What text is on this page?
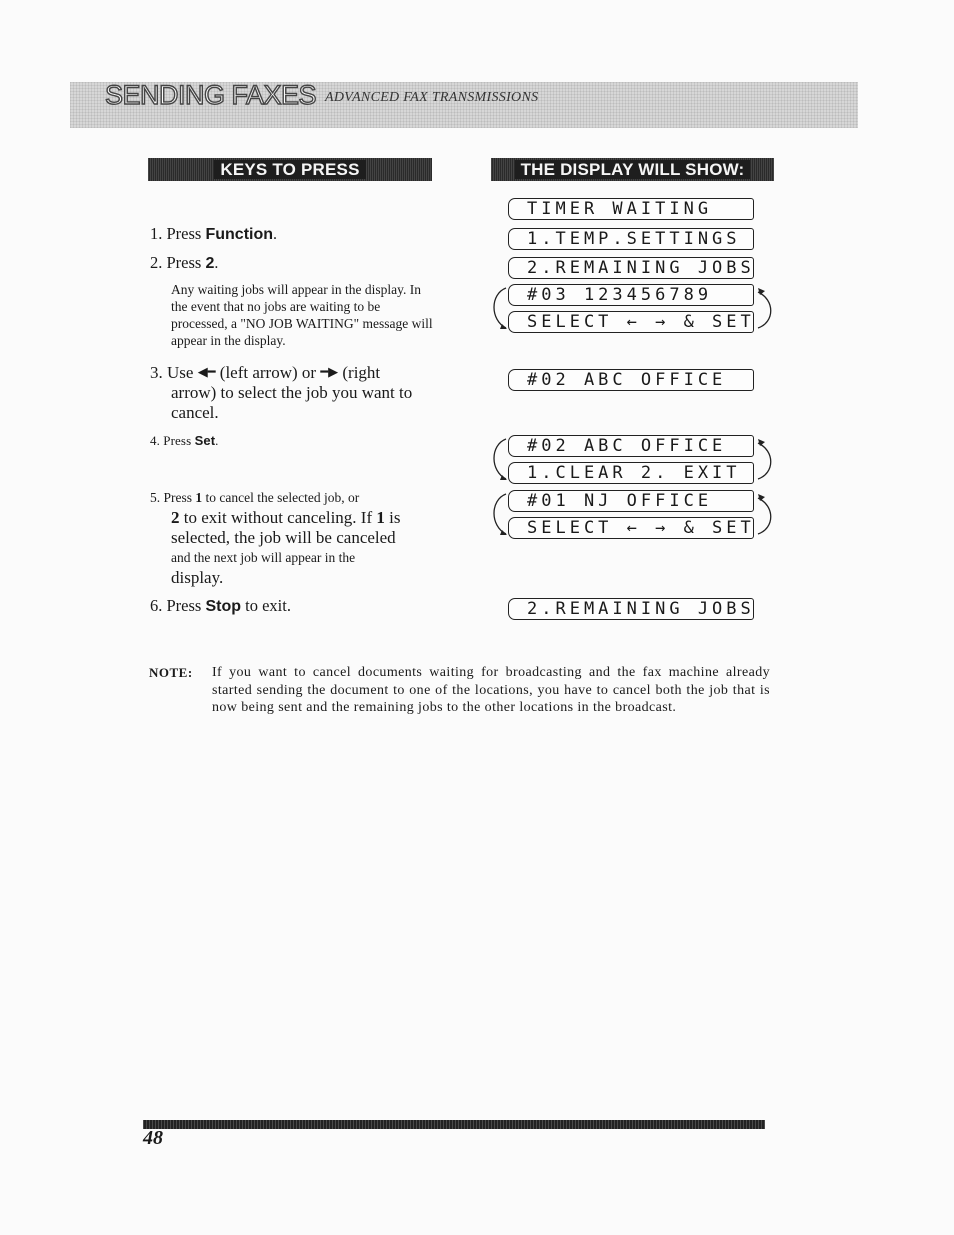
SENDING FAXES ADVANCED FAX TRANSMISSIONS
KEYS TO PRESS	THE DISPLAY WILL SHOW:
1. Press Function.
2. Press 2.
Any waiting jobs will appear in the display. In the event that no jobs are waiting to be processed, a "NO JOB WAITING" message will appear in the display.
3. Use ◀━ (left arrow) or ━▶ (right
arrow) to select the job you want to
cancel.
4. Press Set.
5. Press 1 to cancel the selected job, or
2 to exit without canceling. If 1 is
selected, the job will be canceled
and the next job will appear in the
display.
6. Press Stop to exit.
TIMER WAITING
1.TEMP.SETTINGS
2.REMAINING JOBS
#03 123456789
SELECT ← → & SET
#02 ABC OFFICE
#02 ABC OFFICE
1.CLEAR 2. EXIT
#01 NJ OFFICE
SELECT ← → & SET
2.REMAINING JOBS
NOTE: If you want to cancel documents waiting for broadcasting and the fax machine already started sending the document to one of the locations, you have to cancel both the job that is now being sent and the remaining jobs to the other locations in the broadcast.
48
